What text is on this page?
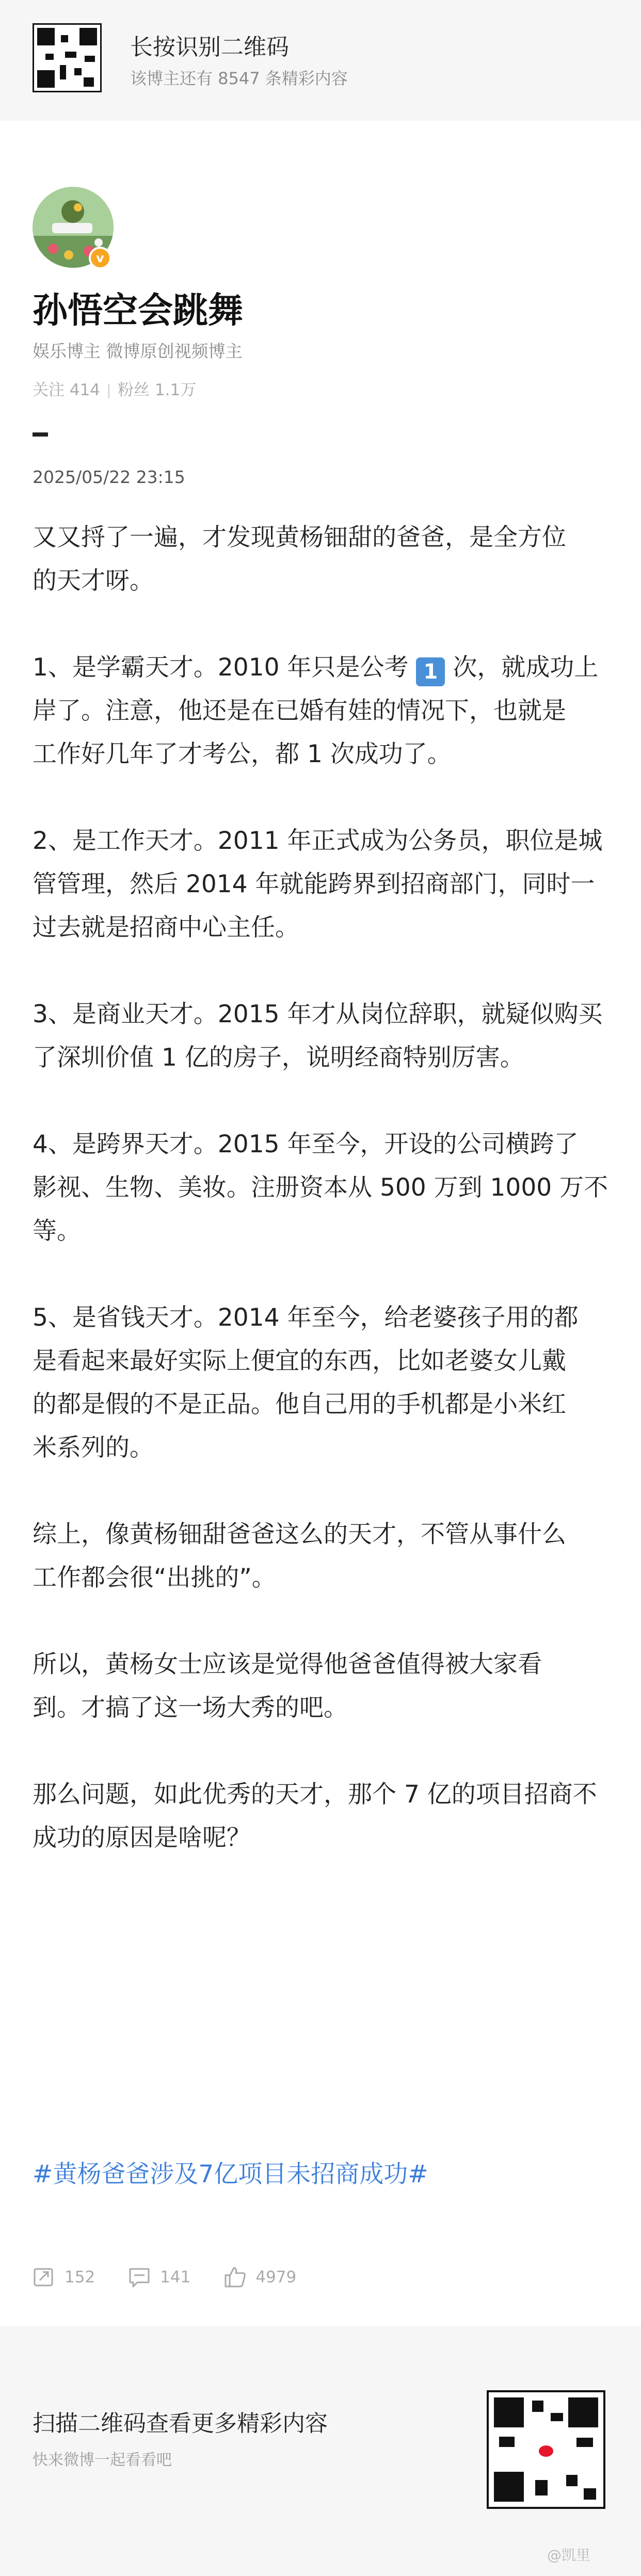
长按识别二维码
该博主还有 8547 条精彩内容
v
孙悟空会跳舞
娱乐博主 微博原创视频博主
关注 414 粉丝 1.1万
2025/05/22 23:15

又又捋了一遍，才发现黄杨钿甜的爸爸，是全方位
的天才呀。

1、是学霸天才。2010 年只是公考 1 次，就成功上
岸了。注意，他还是在已婚有娃的情况下，也就是
工作好几年了才考公，都 1 次成功了。

2、是工作天才。2011 年正式成为公务员，职位是城
管管理，然后 2014 年就能跨界到招商部门，同时一
过去就是招商中心主任。

3、是商业天才。2015 年才从岗位辞职，就疑似购买
了深圳价值 1 亿的房子，说明经商特别厉害。

4、是跨界天才。2015 年至今，开设的公司横跨了
影视、生物、美妆。注册资本从 500 万到 1000 万不
等。

5、是省钱天才。2014 年至今，给老婆孩子用的都
是看起来最好实际上便宜的东西，比如老婆女儿戴
的都是假的不是正品。他自己用的手机都是小米红
米系列的。

综上，像黄杨钿甜爸爸这么的天才，不管从事什么
工作都会很“出挑的”。

所以，黄杨女士应该是觉得他爸爸值得被大家看
到。才搞了这一场大秀的吧。

那么问题，如此优秀的天才，那个 7 亿的项目招商不
成功的原因是啥呢？

#黄杨爸爸涉及7亿项目未招商成功#
152	141	4979
扫描二维码查看更多精彩内容
快来微博一起看看吧
@凯里
